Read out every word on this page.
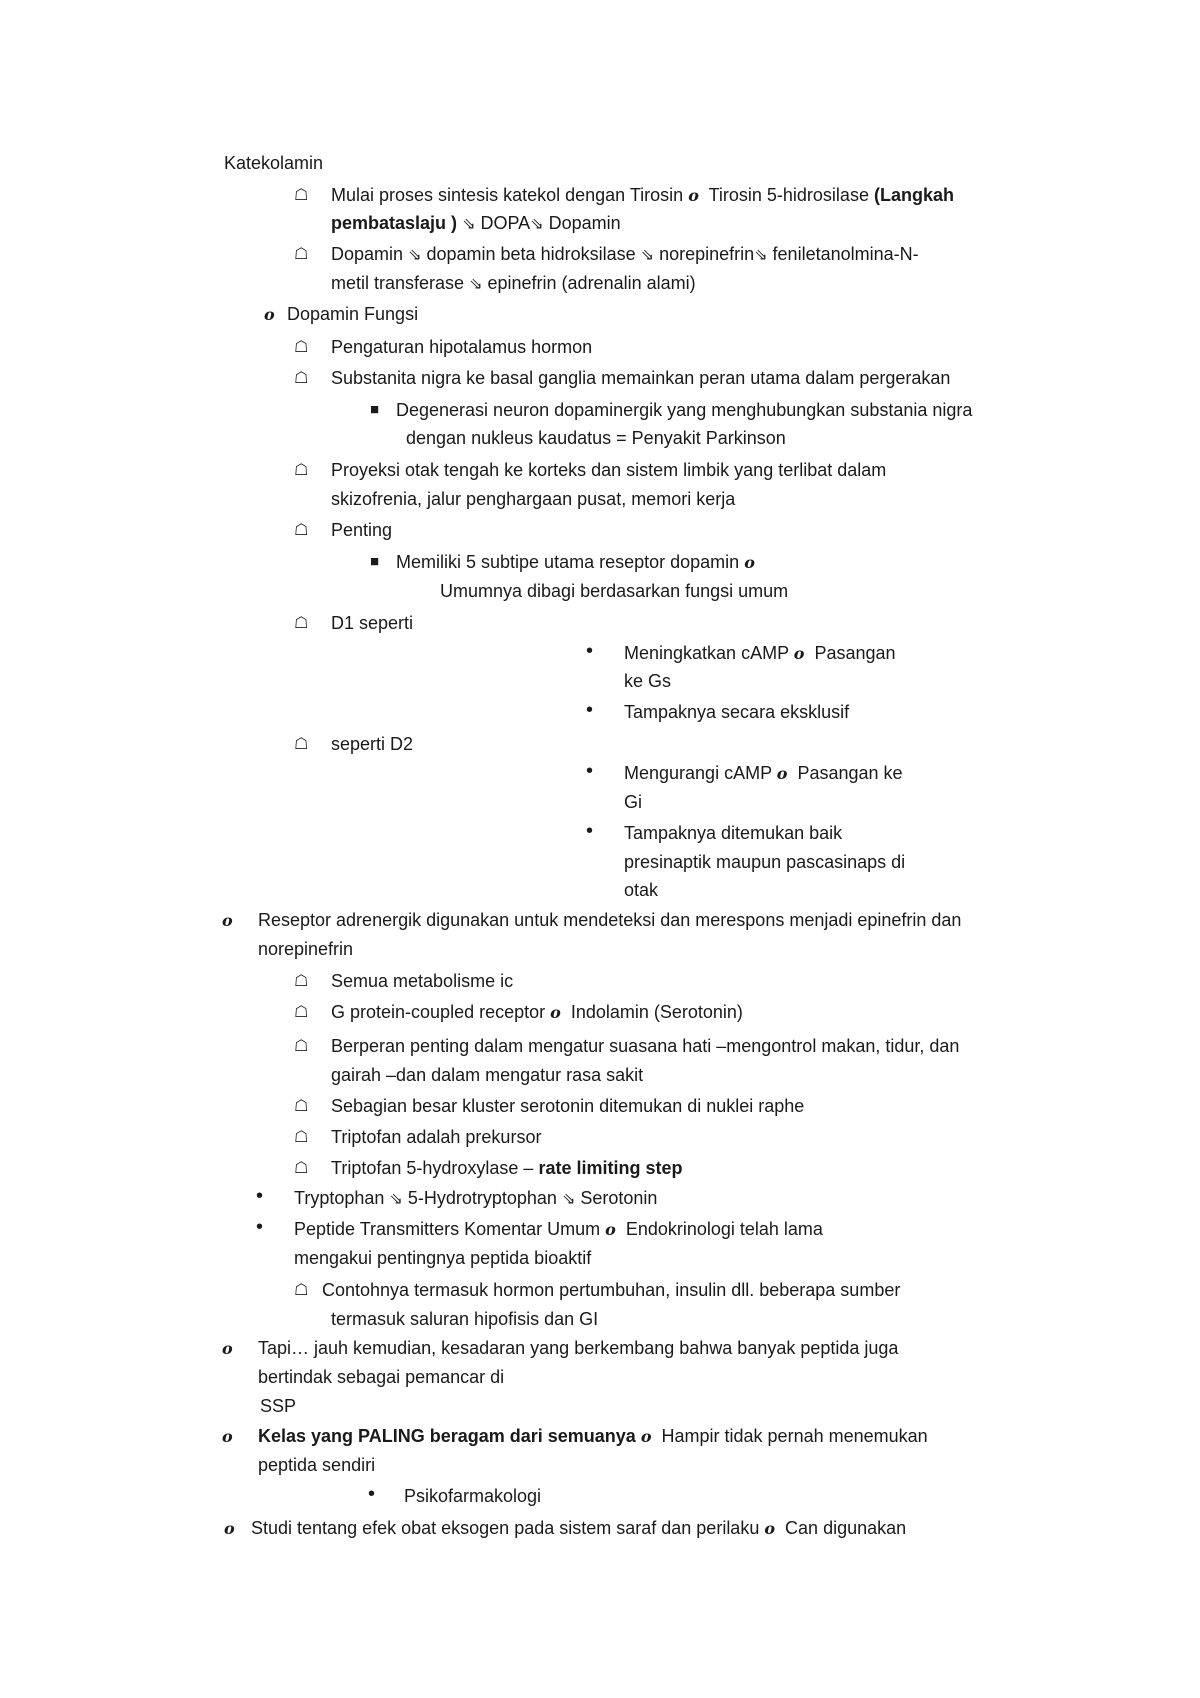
Katekolamin
☖ Mulai proses sintesis katekol dengan Tirosin o Tirosin 5-hidrosilase (Langkah
pembataslaju ) ⇘ DOPA⇘ Dopamin
☖ Dopamin ⇘ dopamin beta hidroksilase ⇘ norepinefrin⇘ feniletanolmina-N-
metil transferase ⇘ epinefrin (adrenalin alami)
o Dopamin Fungsi
☖ Pengaturan hipotalamus hormon
☖ Substanita nigra ke basal ganglia memainkan peran utama dalam pergerakan
■ Degenerasi neuron dopaminergik yang menghubungkan substania nigra
dengan nukleus kaudatus = Penyakit Parkinson
☖ Proyeksi otak tengah ke korteks dan sistem limbik yang terlibat dalam
skizofrenia, jalur penghargaan pusat, memori kerja
☖ Penting
■ Memiliki 5 subtipe utama reseptor dopamin o
Umumnya dibagi berdasarkan fungsi umum
☖ D1 seperti
• Meningkatkan cAMP o Pasangan
ke Gs
• Tampaknya secara eksklusif
☖ seperti D2
• Mengurangi cAMP o Pasangan ke
Gi
• Tampaknya ditemukan baik
presinaptik maupun pascasinaps di
otak
o Reseptor adrenergik digunakan untuk mendeteksi dan merespons menjadi epinefrin dan
norepinefrin
☖ Semua metabolisme ic
☖ G protein-coupled receptor o Indolamin (Serotonin)
☖ Berperan penting dalam mengatur suasana hati –mengontrol makan, tidur, dan
gairah –dan dalam mengatur rasa sakit
☖ Sebagian besar kluster serotonin ditemukan di nuklei raphe
☖ Triptofan adalah prekursor
☖ Triptofan 5-hydroxylase – rate limiting step
• Tryptophan ⇘ 5-Hydrotryptophan ⇘ Serotonin
• Peptide Transmitters Komentar Umum o Endokrinologi telah lama
mengakui pentingnya peptida bioaktif
☖ Contohnya termasuk hormon pertumbuhan, insulin dll. beberapa sumber
termasuk saluran hipofisis dan GI
o Tapi… jauh kemudian, kesadaran yang berkembang bahwa banyak peptida juga
bertindak sebagai pemancar di
SSP
o Kelas yang PALING beragam dari semuanya o Hampir tidak pernah menemukan
peptida sendiri
• Psikofarmakologi
o Studi tentang efek obat eksogen pada sistem saraf dan perilaku o Can digunakan
